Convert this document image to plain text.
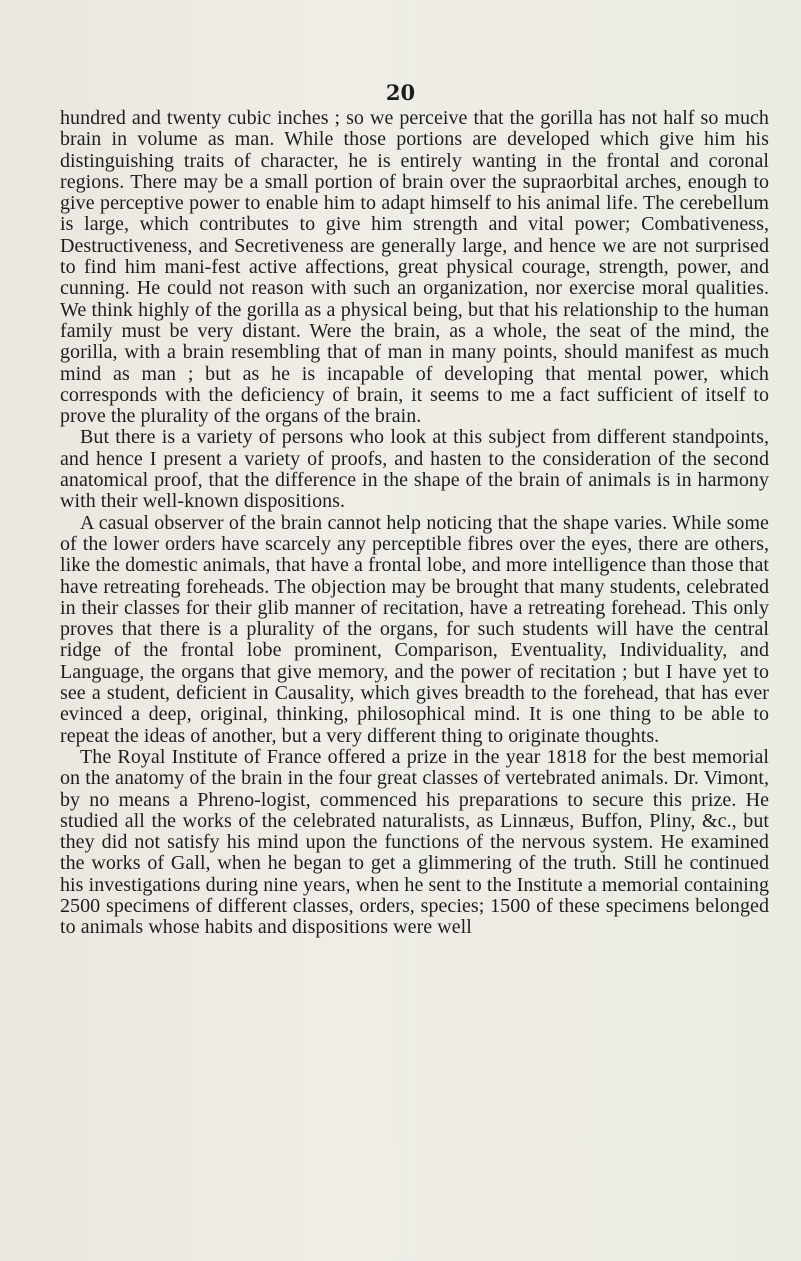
20

hundred and twenty cubic inches ; so we perceive that the gorilla has not half so much brain in volume as man. While those portions are developed which give him his distinguishing traits of character, he is entirely wanting in the frontal and coronal regions. There may be a small portion of brain over the supraorbital arches, enough to give perceptive power to enable him to adapt himself to his animal life. The cerebellum is large, which contributes to give him strength and vital power; Combativeness, Destructiveness, and Secretiveness are generally large, and hence we are not surprised to find him mani-fest active affections, great physical courage, strength, power, and cunning. He could not reason with such an organization, nor exercise moral qualities. We think highly of the gorilla as a physical being, but that his relationship to the human family must be very distant. Were the brain, as a whole, the seat of the mind, the gorilla, with a brain resembling that of man in many points, should manifest as much mind as man ; but as he is incapable of developing that mental power, which corresponds with the deficiency of brain, it seems to me a fact sufficient of itself to prove the plurality of the organs of the brain.

But there is a variety of persons who look at this subject from different standpoints, and hence I present a variety of proofs, and hasten to the consideration of the second anatomical proof, that the difference in the shape of the brain of animals is in harmony with their well-known dispositions.

A casual observer of the brain cannot help noticing that the shape varies. While some of the lower orders have scarcely any perceptible fibres over the eyes, there are others, like the domestic animals, that have a frontal lobe, and more intelligence than those that have retreating foreheads. The objection may be brought that many students, celebrated in their classes for their glib manner of recitation, have a retreating forehead. This only proves that there is a plurality of the organs, for such students will have the central ridge of the frontal lobe prominent, Comparison, Eventuality, Individuality, and Language, the organs that give memory, and the power of recitation ; but I have yet to see a student, deficient in Causality, which gives breadth to the forehead, that has ever evinced a deep, original, thinking, philosophical mind. It is one thing to be able to repeat the ideas of another, but a very different thing to originate thoughts.

The Royal Institute of France offered a prize in the year 1818 for the best memorial on the anatomy of the brain in the four great classes of vertebrated animals. Dr. Vimont, by no means a Phreno-logist, commenced his preparations to secure this prize. He studied all the works of the celebrated naturalists, as Linnæus, Buffon, Pliny, &c., but they did not satisfy his mind upon the functions of the nervous system. He examined the works of Gall, when he began to get a glimmering of the truth. Still he continued his investigations during nine years, when he sent to the Institute a memorial containing 2500 specimens of different classes, orders, species; 1500 of these specimens belonged to animals whose habits and dispositions were well
